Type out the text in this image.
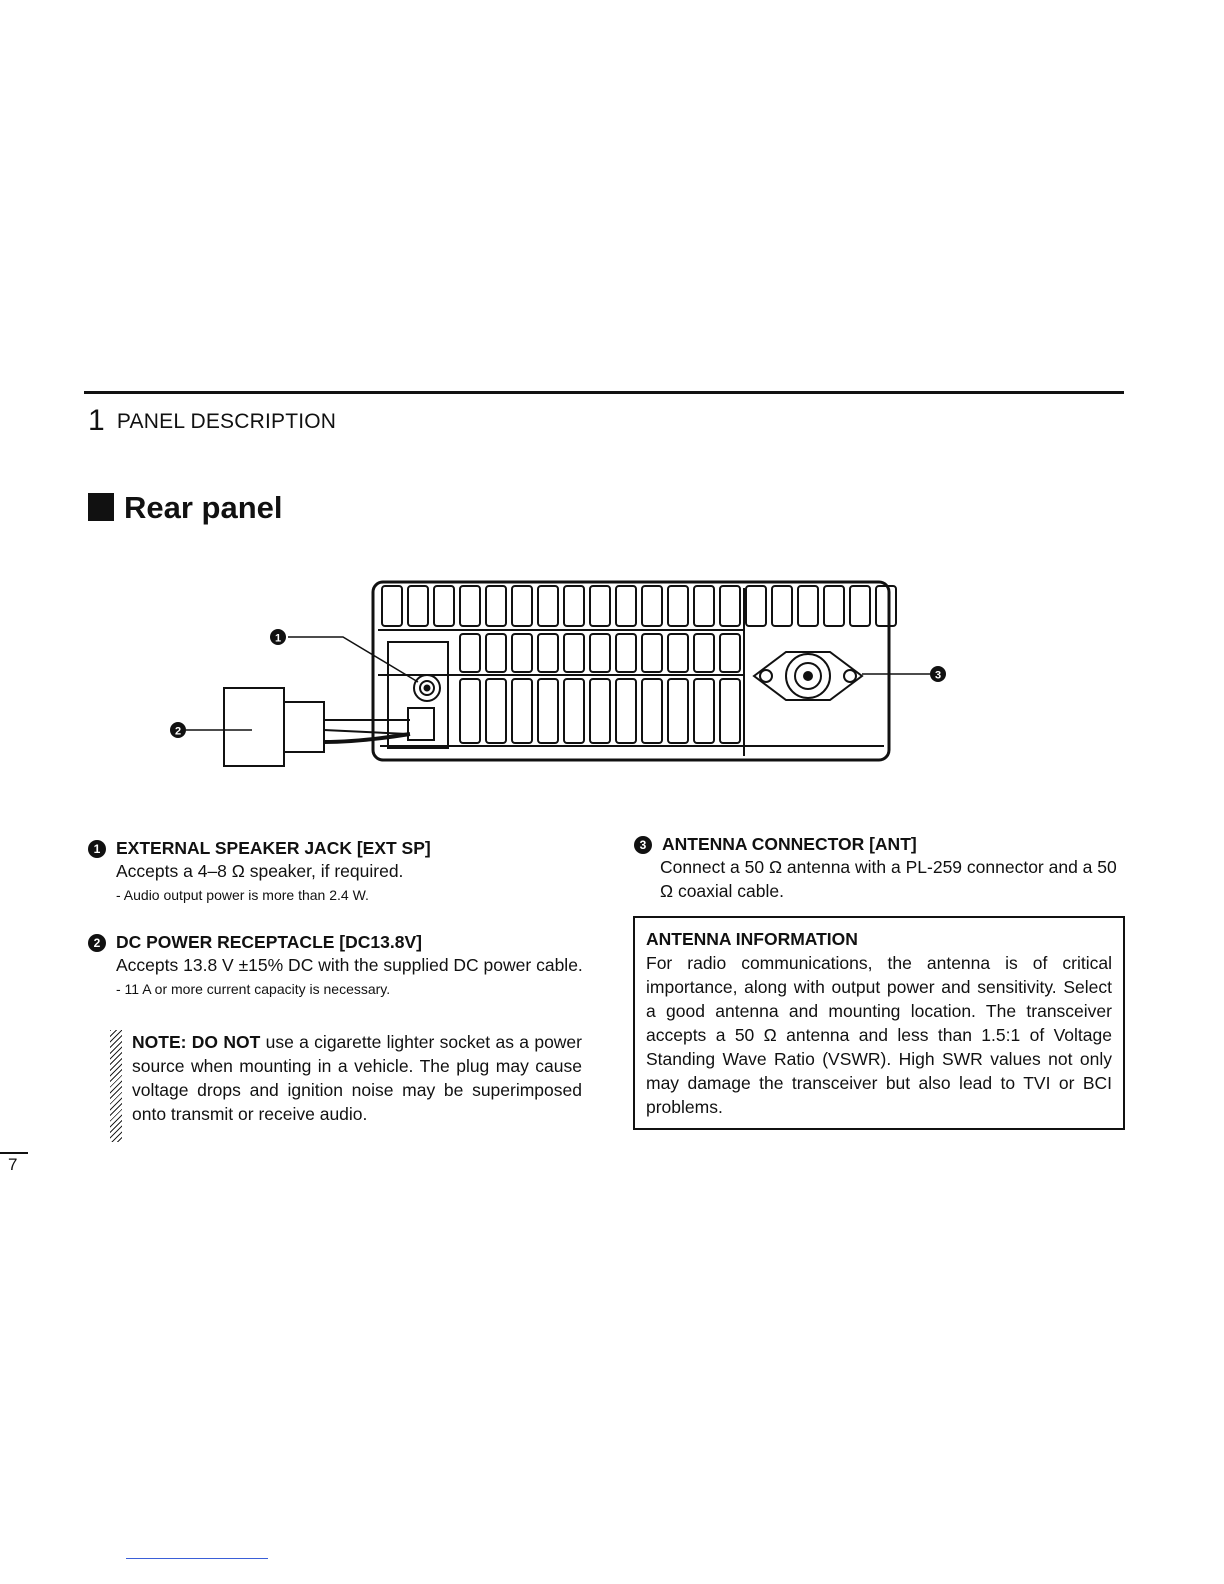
1 PANEL DESCRIPTION
Rear panel
1
2
3
1 EXTERNAL SPEAKER JACK [EXT SP]
Accepts a 4–8 Ω speaker, if required.
- Audio output power is more than 2.4 W.
2 DC POWER RECEPTACLE [DC13.8V]
Accepts 13.8 V ±15% DC with the supplied DC power cable.
- 11 A or more current capacity is necessary.
NOTE: DO NOT use a cigarette lighter socket as a power source when mounting in a vehicle. The plug may cause voltage drops and ignition noise may be superimposed onto transmit or receive audio.
3 ANTENNA CONNECTOR [ANT]
Connect a 50 Ω antenna with a PL-259 connector and a 50 Ω coaxial cable.
ANTENNA INFORMATION
For radio communications, the antenna is of critical importance, along with output power and sensitivity. Select a good antenna and mounting location. The transceiver accepts a 50 Ω antenna and less than 1.5:1 of Voltage Standing Wave Ratio (VSWR). High SWR values not only may damage the transceiver but also lead to TVI or BCI problems.
7
